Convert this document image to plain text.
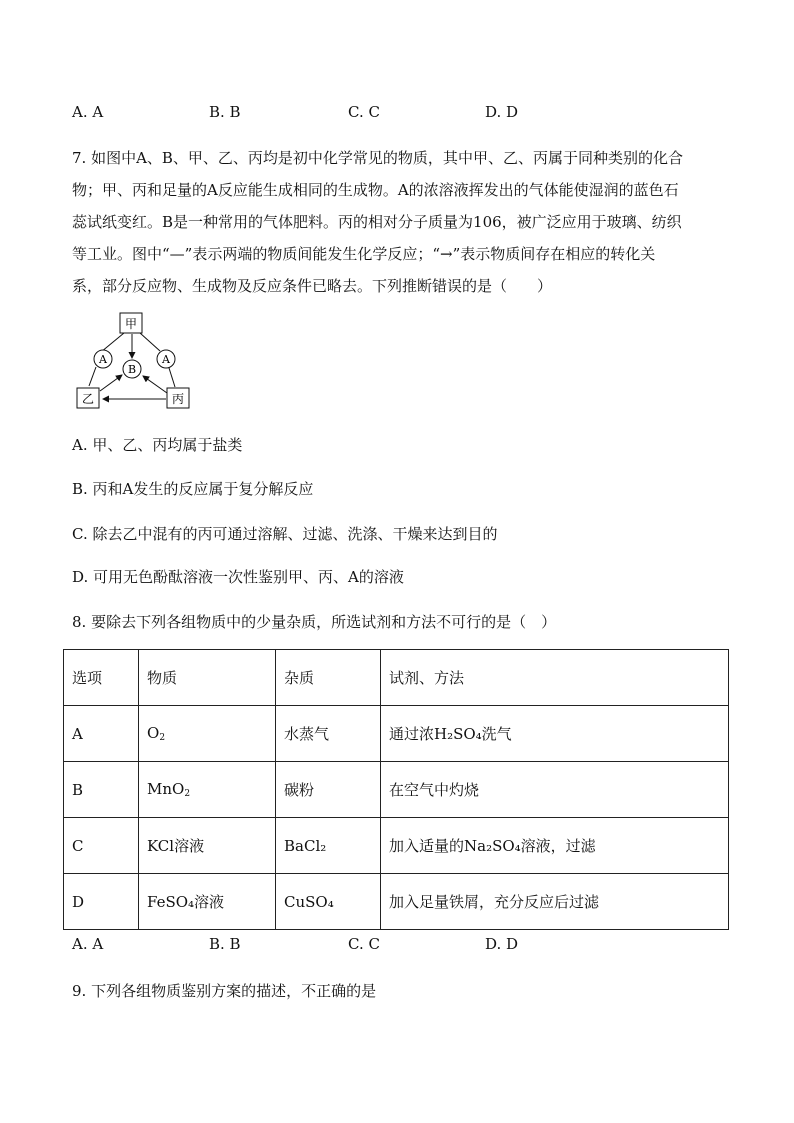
A. A	B. B	C. C	D. D
7. 如图中A、B、甲、乙、丙均是初中化学常见的物质，其中甲、乙、丙属于同种类别的化合
物；甲、丙和足量的A反应能生成相同的生成物。A的浓溶液挥发出的气体能使湿润的蓝色石
蕊试纸变红。B是一种常用的气体肥料。丙的相对分子质量为106，被广泛应用于玻璃、纺织
等工业。图中“—”表示两端的物质间能发生化学反应；“→”表示物质间存在相应的转化关
系，部分反应物、生成物及反应条件已略去。下列推断错误的是（　　）
甲
乙	丙
A	A
B
A. 甲、乙、丙均属于盐类
B. 丙和A发生的反应属于复分解反应
C. 除去乙中混有的丙可通过溶解、过滤、洗涤、干燥来达到目的
D. 可用无色酚酞溶液一次性鉴别甲、丙、A的溶液
8. 要除去下列各组物质中的少量杂质，所选试剂和方法不可行的是（　）
选项	物质	杂质	试剂、方法
A	$O_2$	水蒸气	通过浓H₂SO₄洗气
B	MnO$_2$	碳粉	在空气中灼烧
C	KCl溶液	BaCl₂	加入适量的Na₂SO₄溶液，过滤
D	FeSO₄溶液	CuSO₄	加入足量铁屑，充分反应后过滤
A. A	B. B	C. C	D. D
9. 下列各组物质鉴别方案的描述，不正确的是
